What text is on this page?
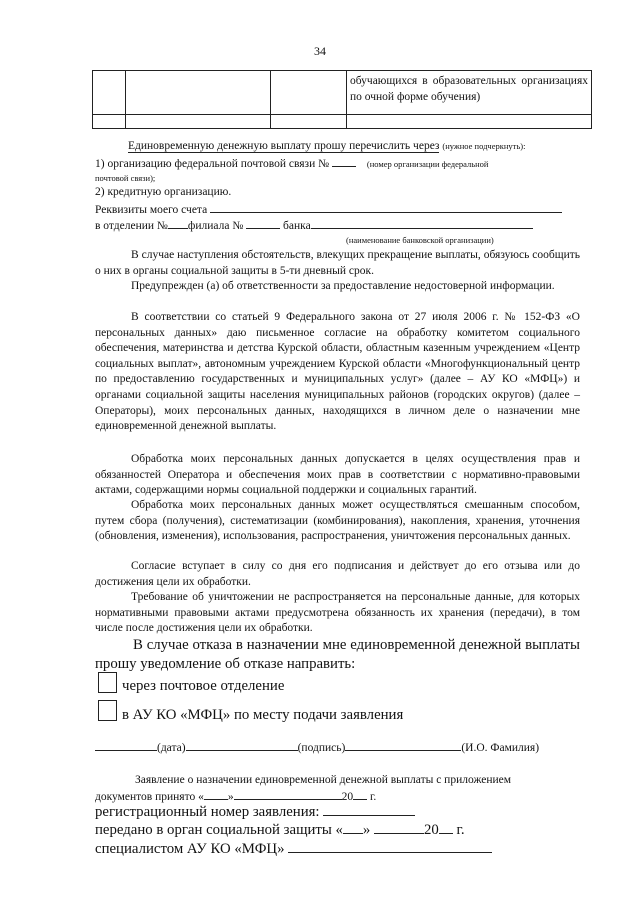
34
			обучающихся в образовательных организациях по очной форме обучения)

Единовременную денежную выплату прошу перечислить через (нужное подчеркнуть):
1) организацию федеральной почтовой связи №	(номер организации федеральной
почтовой связи);
2) кредитную организацию.
Реквизиты моего счета
в отделении № филиала №	банка
(наименование банковской организации)
В случае наступления обстоятельств, влекущих прекращение выплаты, обязуюсь сообщить о них в органы социальной защиты в 5-ти дневный срок.
Предупрежден (а) об ответственности за предоставление недостоверной информации.
В соответствии со статьей 9 Федерального закона от 27 июля 2006 г. № 152-ФЗ «О персональных данных» даю письменное согласие на обработку комитетом социального обеспечения, материнства и детства Курской области, областным казенным учреждением «Центр социальных выплат», автономным учреждением Курской области «Многофункциональный центр по предоставлению государственных и муниципальных услуг» (далее – АУ КО «МФЦ») и органами социальной защиты населения муниципальных районов (городских округов) (далее – Операторы), моих персональных данных, находящихся в личном деле о назначении мне единовременной денежной выплаты.
Обработка моих персональных данных допускается в целях осуществления прав и обязанностей Оператора и обеспечения моих прав в соответствии с нормативно-правовыми актами, содержащими нормы социальной поддержки и социальных гарантий.
Обработка моих персональных данных может осуществляться смешанным способом, путем сбора (получения), систематизации (комбинирования), накопления, хранения, уточнения (обновления, изменения), использования, распространения, уничтожения персональных данных.
Согласие вступает в силу со дня его подписания и действует до его отзыва или до достижения цели их обработки.
Требование об уничтожении не распространяется на персональные данные, для которых нормативными правовыми актами предусмотрена обязанность их хранения (передачи), в том числе после достижения цели их обработки.
В случае отказа в назначении мне единовременной денежной выплаты прошу уведомление об отказе направить:
через почтовое отделение
в АУ КО «МФЦ» по месту подачи заявления
(дата)	(подпись)	(И.О. Фамилия)
Заявление о назначении единовременной денежной выплаты с приложением
документов принято « »	20 г.
регистрационный номер заявления:
передано в орган социальной защиты « »	20 г.
специалистом АУ КО «МФЦ»
